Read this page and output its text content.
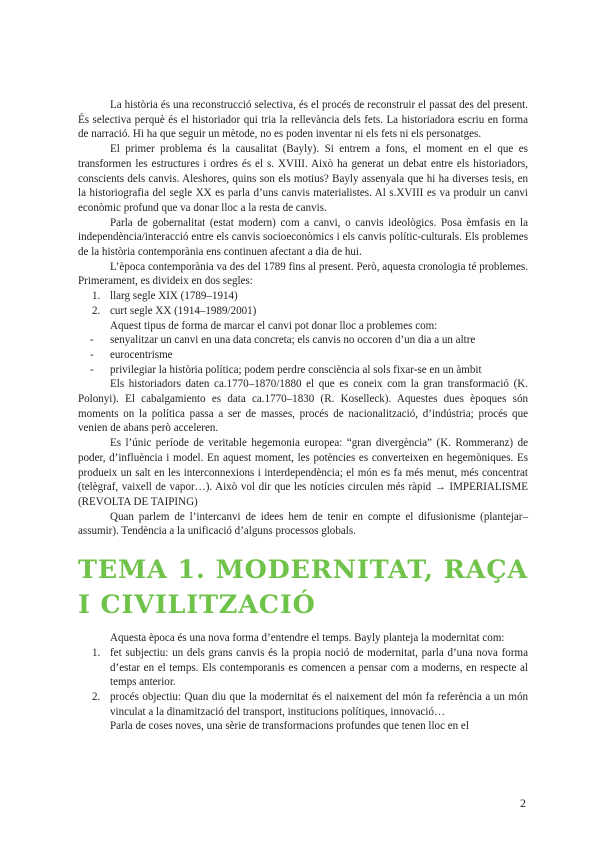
La història és una reconstrucció selectiva, és el procés de reconstruir el passat des del present. És selectiva perquè és el historiador qui tria la rellevància dels fets. La historiadora escriu en forma de narració. Hi ha que seguir un mètode, no es poden inventar ni els fets ni els personatges.

El primer problema és la causalitat (Bayly). Si entrem a fons, el moment en el que es transformen les estructures i ordres és el s. XVIII. Això ha generat un debat entre els historiadors, conscients dels canvis. Aleshores, quins son els motius? Bayly assenyala que hi ha diverses tesis, en la historiografia del segle XX es parla d’uns canvis materialistes. Al s.XVIII es va produir un canvi econòmic profund que va donar lloc a la resta de canvis.

Parla de gobernalitat (estat modern) com a canvi, o canvis ideològics. Posa èmfasis en la independència/interacció entre els canvis socioeconòmics i els canvis polític-culturals. Els problemes de la història contemporània ens continuen afectant a dia de hui.

L’època contemporània va des del 1789 fins al present. Però, aquesta cronologia té problemes. Primerament, es divideix en dos segles:

1. llarg segle XIX (1789–1914)
2. curt segle XX (1914–1989/2001)

Aquest tipus de forma de marcar el canvi pot donar lloc a problemes com:

- senyalitzar un canvi en una data concreta; els canvis no occoren d’un dia a un altre
- eurocentrisme
- privilegiar la història política; podem perdre consciència al sols fixar-se en un àmbit

Els historiadors daten ca.1770–1870/1880 el que es coneix com la gran transformació (K. Polonyi). El cabalgamiento es data ca.1770–1830 (R. Koselleck). Aquestes dues èpoques són moments on la política passa a ser de masses, procés de nacionalització, d’indústria; procés que venien de abans però acceleren.

Es l’únic període de veritable hegemonia europea: “gran divergència” (K. Rommeranz) de poder, d’influència i model. En aquest moment, les potències es converteixen en hegemòniques. Es produeix un salt en les interconnexions i interdependència; el món es fa més menut, més concentrat (telègraf, vaixell de vapor…). Això vol dir que les notícies circulen més ràpid → IMPERIALISME (REVOLTA DE TAIPING)

Quan parlem de l’intercanvi de idees hem de tenir en compte el difusionisme (plantejar–assumir). Tendència a la unificació d’alguns processos globals.

TEMA 1. MODERNITAT, RAÇA I CIVILITZACIÓ

Aquesta època és una nova forma d’entendre el temps. Bayly planteja la modernitat com:

1. fet subjectiu: un dels grans canvis és la propia noció de modernitat, parla d’una nova forma d’estar en el temps. Els contemporanis es comencen a pensar com a moderns, en respecte al temps anterior.
2. procés objectiu: Quan diu que la modernitat és el naixement del món fa referència a un món vinculat a la dinamització del transport, institucions polítiques, innovació…

Parla de coses noves, una sèrie de transformacions profundes que tenen lloc en el

2
